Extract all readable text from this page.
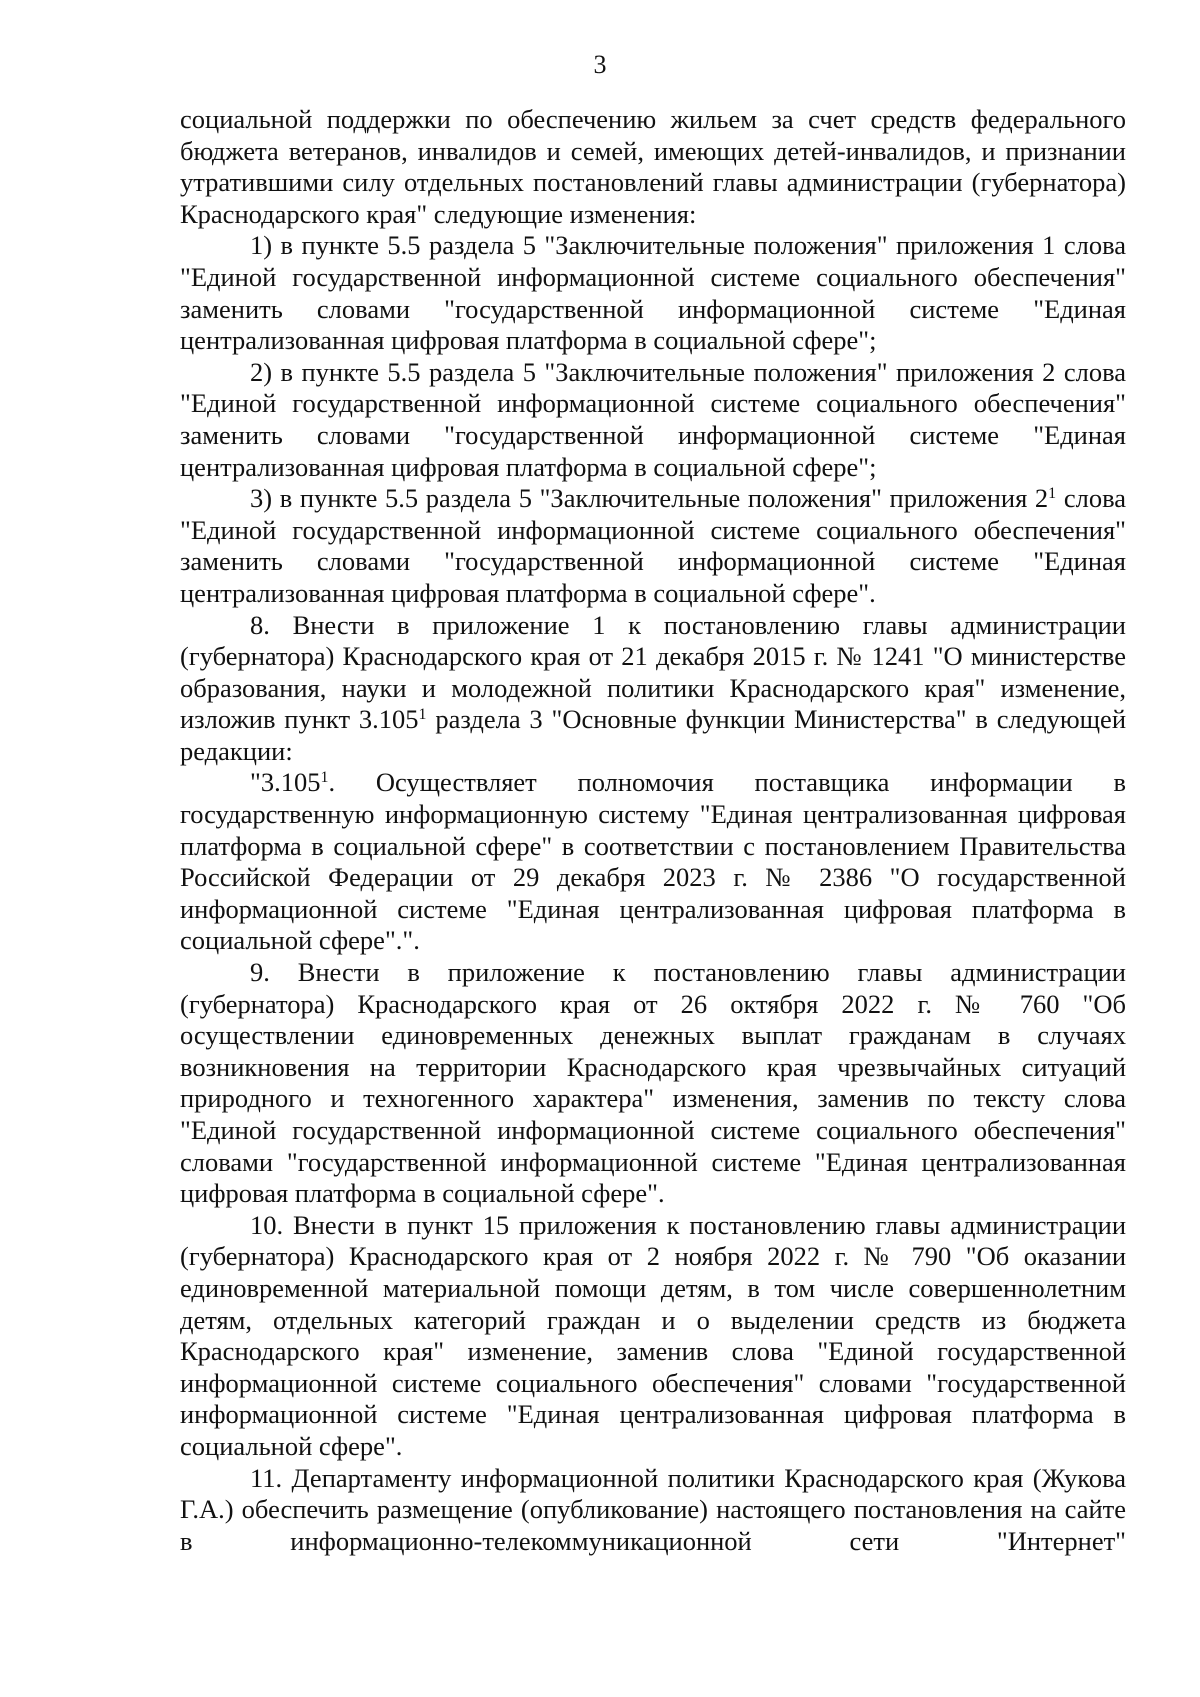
3

социальной поддержки по обеспечению жильем за счет средств федерального бюджета ветеранов, инвалидов и семей, имеющих детей-инвалидов, и признании утратившими силу отдельных постановлений главы администрации (губернатора) Краснодарского края" следующие изменения:

1) в пункте 5.5 раздела 5 "Заключительные положения" приложения 1 слова "Единой государственной информационной системе социального обеспечения" заменить словами "государственной информационной системе "Единая централизованная цифровая платформа в социальной сфере";

2) в пункте 5.5 раздела 5 "Заключительные положения" приложения 2 слова "Единой государственной информационной системе социального обеспечения" заменить словами "государственной информационной системе "Единая централизованная цифровая платформа в социальной сфере";

3) в пункте 5.5 раздела 5 "Заключительные положения" приложения $2^1$ слова "Единой государственной информационной системе социального обеспечения" заменить словами "государственной информационной системе "Единая централизованная цифровая платформа в социальной сфере".

8. Внести в приложение 1 к постановлению главы администрации (губернатора) Краснодарского края от 21 декабря 2015 г. № 1241 "О министерстве образования, науки и молодежной политики Краснодарского края" изменение, изложив пункт 3.105$^1$ раздела 3 "Основные функции Министерства" в следующей редакции:

"3.105$^1$. Осуществляет полномочия поставщика информации в государственную информационную систему "Единая централизованная цифровая платформа в социальной сфере" в соответствии с постановлением Правительства Российской Федерации от 29 декабря 2023 г. № 2386 "О государственной информационной системе "Единая централизованная цифровая платформа в социальной сфере".".

9. Внести в приложение к постановлению главы администрации (губернатора) Краснодарского края от 26 октября 2022 г. № 760 "Об осуществлении единовременных денежных выплат гражданам в случаях возникновения на территории Краснодарского края чрезвычайных ситуаций природного и техногенного характера" изменения, заменив по тексту слова "Единой государственной информационной системе социального обеспечения" словами "государственной информационной системе "Единая централизованная цифровая платформа в социальной сфере".

10. Внести в пункт 15 приложения к постановлению главы администрации (губернатора) Краснодарского края от 2 ноября 2022 г. № 790 "Об оказании единовременной материальной помощи детям, в том числе совершеннолетним детям, отдельных категорий граждан и о выделении средств из бюджета Краснодарского края" изменение, заменив слова "Единой государственной информационной системе социального обеспечения" словами "государственной информационной системе "Единая централизованная цифровая платформа в социальной сфере".

11. Департаменту информационной политики Краснодарского края (Жукова Г.А.) обеспечить размещение (опубликование) настоящего постановления на сайте в информационно-телекоммуникационной сети "Интернет"
